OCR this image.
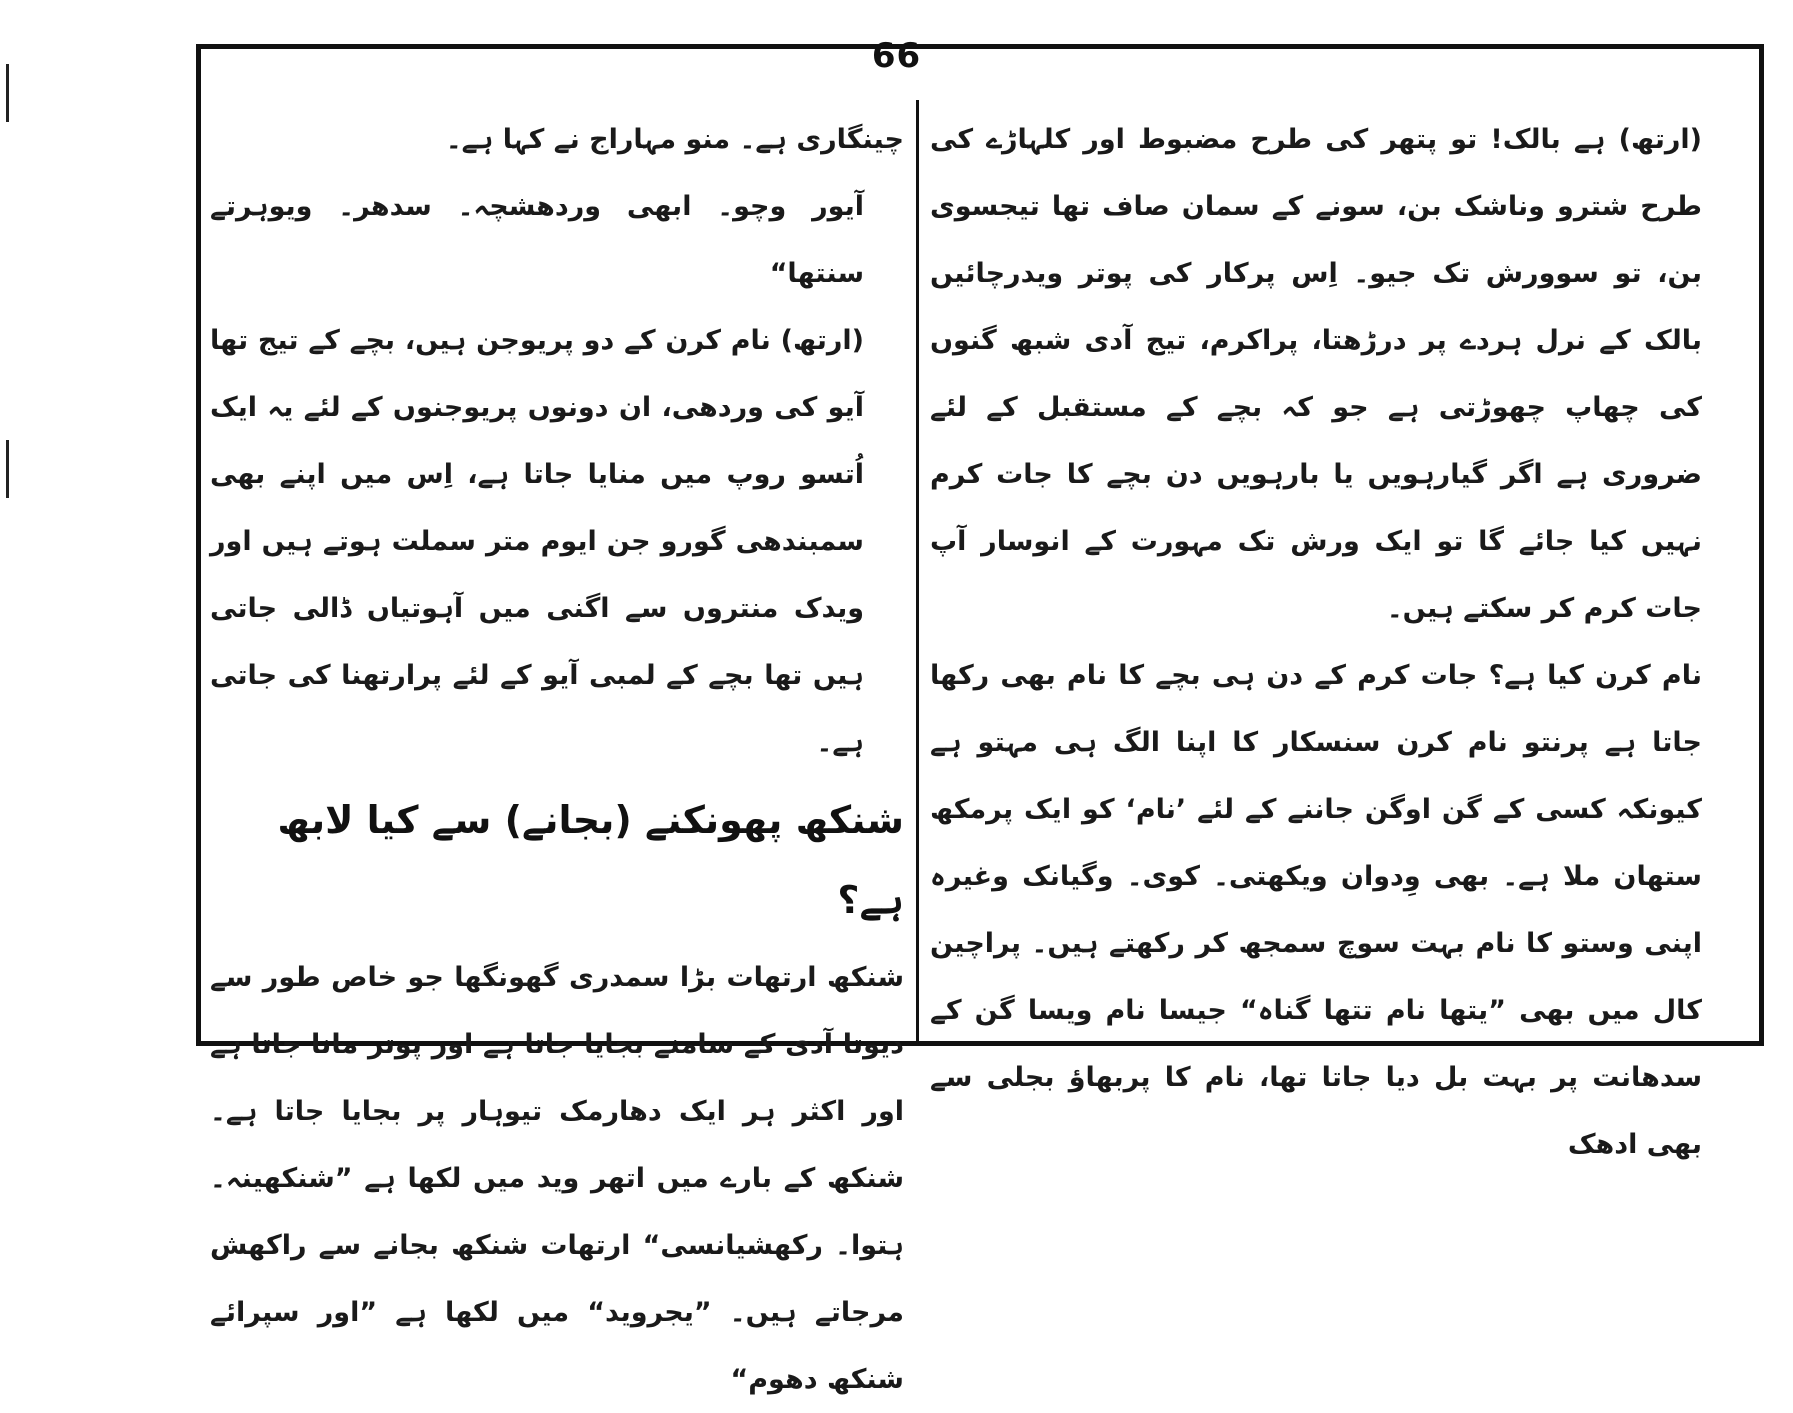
66

(ارتھ) ہے بالک! تو پتھر کی طرح مضبوط اور کلہاڑے کی طرح شترو وناشک بن، سونے کے سمان صاف تھا تیجسوی بن، تو سوورش تک جیو۔ اِس پرکار کی پوتر ویدرچائیں بالک کے نرل ہردے پر درڑھتا، پراکرم، تیج آدی شبھ گنوں کی چھاپ چھوڑتی ہے جو کہ بچے کے مستقبل کے لئے ضروری ہے اگر گیارہویں یا بارہویں دن بچے کا جات کرم نہیں کیا جائے گا تو ایک ورش تک مہورت کے انوسار آپ جات کرم کر سکتے ہیں۔

نام کرن کیا ہے؟ جات کرم کے دن ہی بچے کا نام بھی رکھا جاتا ہے پرنتو نام کرن سنسکار کا اپنا الگ ہی مہتو ہے کیونکہ کسی کے گن اوگن جاننے کے لئے ’نام‘ کو ایک پرمکھ ستھان ملا ہے۔ بھی وِدوان ویکھتی۔ کوی۔ وگیانک وغیرہ اپنی وستو کا نام بہت سوچ سمجھ کر رکھتے ہیں۔ پراچین کال میں بھی ”یتھا نام تتھا گناہ“ جیسا نام ویسا گن کے سدھانت پر بہت بل دیا جاتا تھا، نام کا پربھاؤ بجلی سے بھی ادھک

چینگاری ہے۔ منو مہاراج نے کہا ہے۔

آیور وچو۔ ابھی وردھشچہ۔ سدھر۔ ویوہرتے سنتھا“

(ارتھ) نام کرن کے دو پریوجن ہیں، بچے کے تیج تھا آیو کی وردھی، ان دونوں پریوجنوں کے لئے یہ ایک اُتسو روپ میں منایا جاتا ہے، اِس میں اپنے بھی سمبندھی گورو جن ایوم متر سملت ہوتے ہیں اور ویدک منتروں سے اگنی میں آہوتیاں ڈالی جاتی ہیں تھا بچے کے لمبی آیو کے لئے پرارتھنا کی جاتی ہے۔

شنکھ پھونکنے (بجانے) سے کیا لابھ ہے؟

شنکھ ارتھات بڑا سمدری گھونگھا جو خاص طور سے دیوتا آدی کے سامنے بجایا جاتا ہے اور پوتر مانا جاتا ہے اور اکثر ہر ایک دھارمک تیوہار پر بجایا جاتا ہے۔ شنکھ کے بارے میں اتھر وید میں لکھا ہے ”شنکھینہ۔ ہتوا۔ رکھشیانسی“ ارتھات شنکھ بجانے سے راکھش مرجاتے ہیں۔ ”یجروید“ میں لکھا ہے ”اور سپرائے شنکھ دھوم“
